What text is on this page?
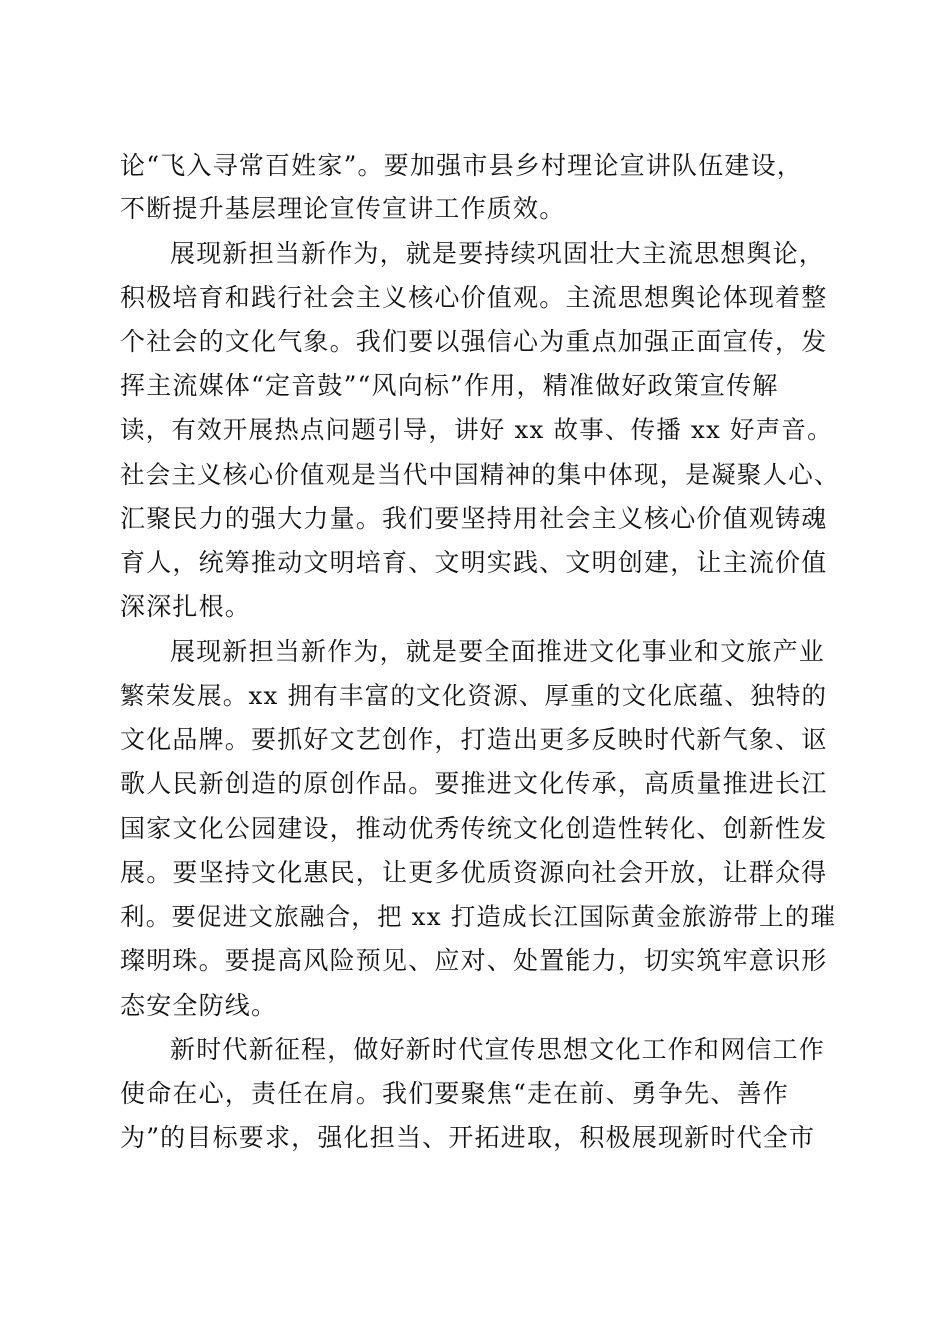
论“飞入寻常百姓家”。要加强市县乡村理论宣讲队伍建设，
不断提升基层理论宣传宣讲工作质效。
展现新担当新作为，就是要持续巩固壮大主流思想舆论，
积极培育和践行社会主义核心价值观。主流思想舆论体现着整
个社会的文化气象。我们要以强信心为重点加强正面宣传，发
挥主流媒体“定音鼓”“风向标”作用，精准做好政策宣传解
读，有效开展热点问题引导，讲好 xx 故事、传播 xx 好声音。
社会主义核心价值观是当代中国精神的集中体现，是凝聚人心、
汇聚民力的强大力量。我们要坚持用社会主义核心价值观铸魂
育人，统筹推动文明培育、文明实践、文明创建，让主流价值
深深扎根。
展现新担当新作为，就是要全面推进文化事业和文旅产业
繁荣发展。xx 拥有丰富的文化资源、厚重的文化底蕴、独特的
文化品牌。要抓好文艺创作，打造出更多反映时代新气象、讴
歌人民新创造的原创作品。要推进文化传承，高质量推进长江
国家文化公园建设，推动优秀传统文化创造性转化、创新性发
展。要坚持文化惠民，让更多优质资源向社会开放，让群众得
利。要促进文旅融合，把 xx 打造成长江国际黄金旅游带上的璀
璨明珠。要提高风险预见、应对、处置能力，切实筑牢意识形
态安全防线。
新时代新征程，做好新时代宣传思想文化工作和网信工作
使命在心，责任在肩。我们要聚焦“走在前、勇争先、善作
为”的目标要求，强化担当、开拓进取，积极展现新时代全市
